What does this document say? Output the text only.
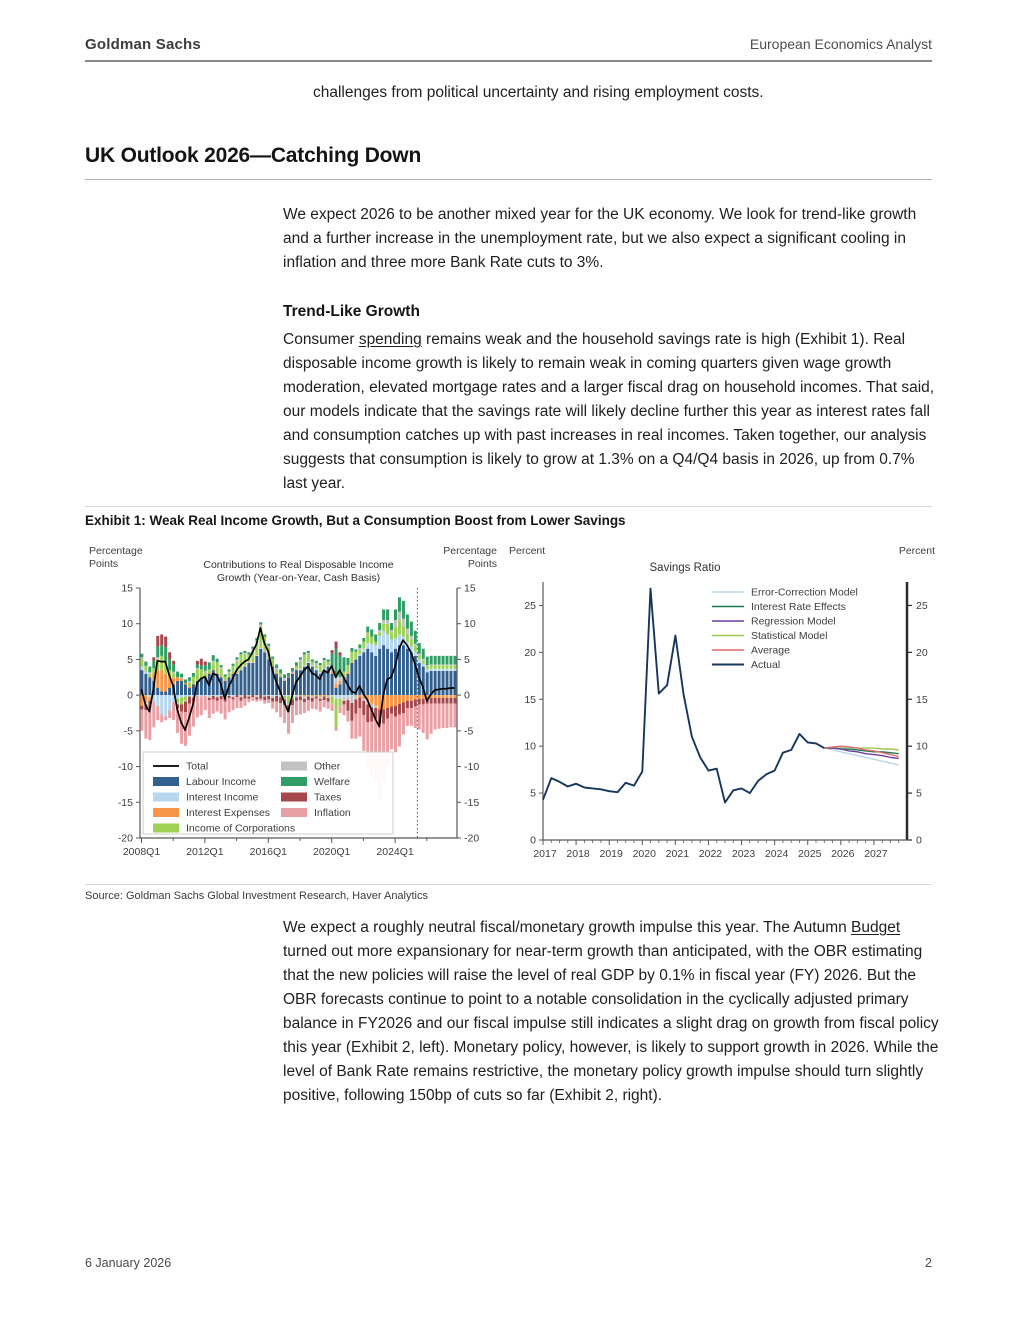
Goldman Sachs	European Economics Analyst

challenges from political uncertainty and rising employment costs.

UK Outlook 2026—Catching Down

We expect 2026 to be another mixed year for the UK economy. We look for trend-like growth and a further increase in the unemployment rate, but we also expect a significant cooling in inflation and three more Bank Rate cuts to 3%.

Trend-Like Growth

Consumer spending remains weak and the household savings rate is high (Exhibit 1). Real disposable income growth is likely to remain weak in coming quarters given wage growth moderation, elevated mortgage rates and a larger fiscal drag on household incomes. That said, our models indicate that the savings rate will likely decline further this year as interest rates fall and consumption catches up with past increases in real incomes. Taken together, our analysis suggests that consumption is likely to grow at 1.3% on a Q4/Q4 basis in 2026, up from 0.7% last year.

Exhibit 1: Weak Real Income Growth, But a Consumption Boost from Lower Savings
Percentage
Points
Percentage
Points
Contributions to Real Disposable Income
Growth (Year-on-Year, Cash Basis)
15	15
10	10
5	5
0	0
-5	-5
-10	-10
-15	-15
-20	-20
2008Q1 2012Q1 2016Q1 2020Q1 2024Q1
Total
Labour Income
Interest Income
Interest Expenses
Income of Corporations
Other
Welfare
Taxes
Inflation
Percent	Percent
Savings Ratio
0	0
5	5
10	10
15	15
20	20
25	25
2017 2018 2019 2020 2021 2022 2023 2024 2025 2026 2027
Error-Correction Model
Interest Rate Effects
Regression Model
Statistical Model
Average
Actual
Source: Goldman Sachs Global Investment Research, Haver Analytics

We expect a roughly neutral fiscal/monetary growth impulse this year. The Autumn Budget turned out more expansionary for near-term growth than anticipated, with the OBR estimating that the new policies will raise the level of real GDP by 0.1% in fiscal year (FY) 2026. But the OBR forecasts continue to point to a notable consolidation in the cyclically adjusted primary balance in FY2026 and our fiscal impulse still indicates a slight drag on growth from fiscal policy this year (Exhibit 2, left). Monetary policy, however, is likely to support growth in 2026. While the level of Bank Rate remains restrictive, the monetary policy growth impulse should turn slightly positive, following 150bp of cuts so far (Exhibit 2, right).

6 January 2026	2
